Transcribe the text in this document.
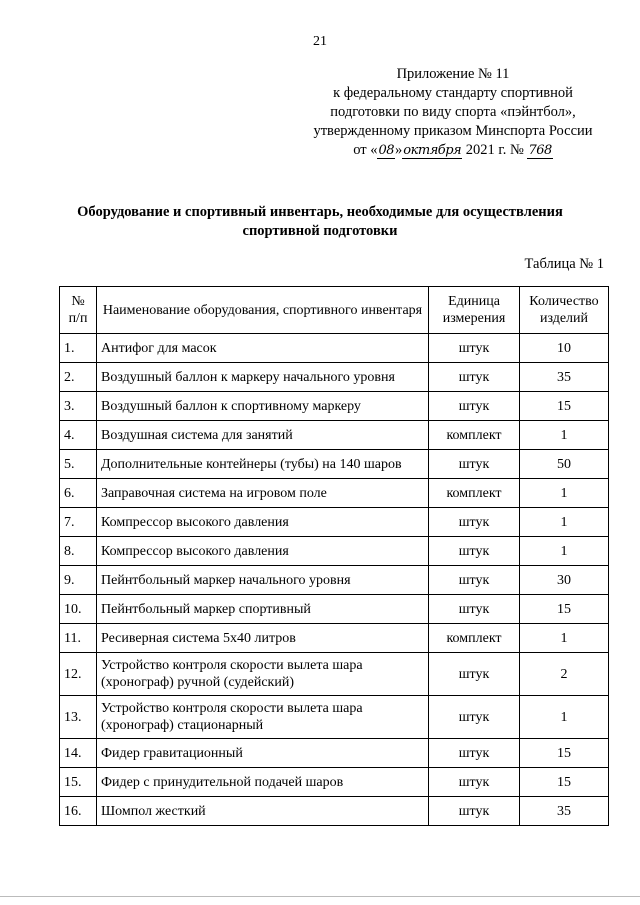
21
Приложение № 11
к федеральному стандарту спортивной
подготовки по виду спорта «пэйнтбол»,
утвержденному приказом Минспорта России
от «08»октября 2021 г. № 768
Оборудование и спортивный инвентарь, необходимые для осуществления спортивной подготовки
Таблица № 1
№ п/п	Наименование оборудования, спортивного инвентаря	Единица измерения	Количество изделий
1.	Антифог для масок	штук	10
2.	Воздушный баллон к маркеру начального уровня	штук	35
3.	Воздушный баллон к спортивному маркеру	штук	15
4.	Воздушная система для занятий	комплект	1
5.	Дополнительные контейнеры (тубы) на 140 шаров	штук	50
6.	Заправочная система на игровом поле	комплект	1
7.	Компрессор высокого давления	штук	1
8.	Компрессор высокого давления	штук	1
9.	Пейнтбольный маркер начального уровня	штук	30
10.	Пейнтбольный маркер спортивный	штук	15
11.	Ресиверная система 5х40 литров	комплект	1
12.	Устройство контроля скорости вылета шара (хронограф) ручной (судейский)	штук	2
13.	Устройство контроля скорости вылета шара (хронограф) стационарный	штук	1
14.	Фидер гравитационный	штук	15
15.	Фидер с принудительной подачей шаров	штук	15
16.	Шомпол жесткий	штук	35
